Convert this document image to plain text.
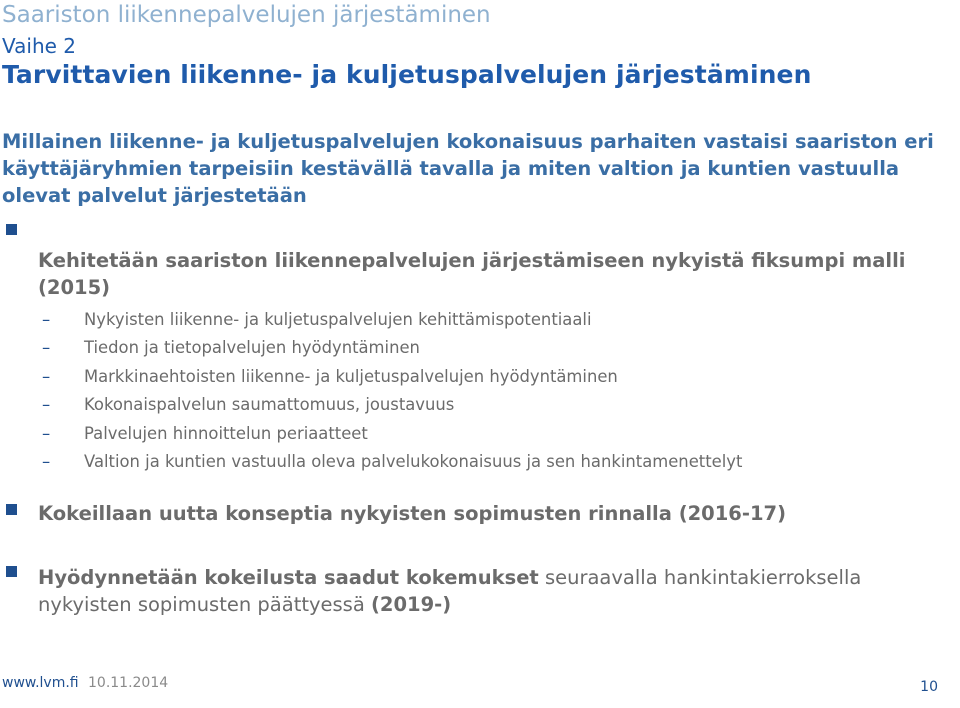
Saariston liikennepalvelujen järjestäminen
Vaihe 2
Tarvittavien liikenne- ja kuljetuspalvelujen järjestäminen
Millainen liikenne- ja kuljetuspalvelujen kokonaisuus parhaiten vastaisi saariston eri käyttäjäryhmien tarpeisiin kestävällä tavalla ja miten valtion ja kuntien vastuulla olevat palvelut järjestetään
Kehitetään saariston liikennepalvelujen järjestämiseen nykyistä fiksumpi malli (2015)
–	Nykyisten liikenne- ja kuljetuspalvelujen kehittämispotentiaali
–	Tiedon ja tietopalvelujen hyödyntäminen
–	Markkinaehtoisten liikenne- ja kuljetuspalvelujen hyödyntäminen
–	Kokonaispalvelun saumattomuus, joustavuus
–	Palvelujen hinnoittelun periaatteet
–	Valtion ja kuntien vastuulla oleva palvelukokonaisuus ja sen hankintamenettelyt
Kokeillaan uutta konseptia nykyisten sopimusten rinnalla (2016-17)
Hyödynnetään kokeilusta saadut kokemukset seuraavalla hankintakierroksella nykyisten sopimusten päättyessä (2019-)
www.lvm.fi 10.11.2014	10
